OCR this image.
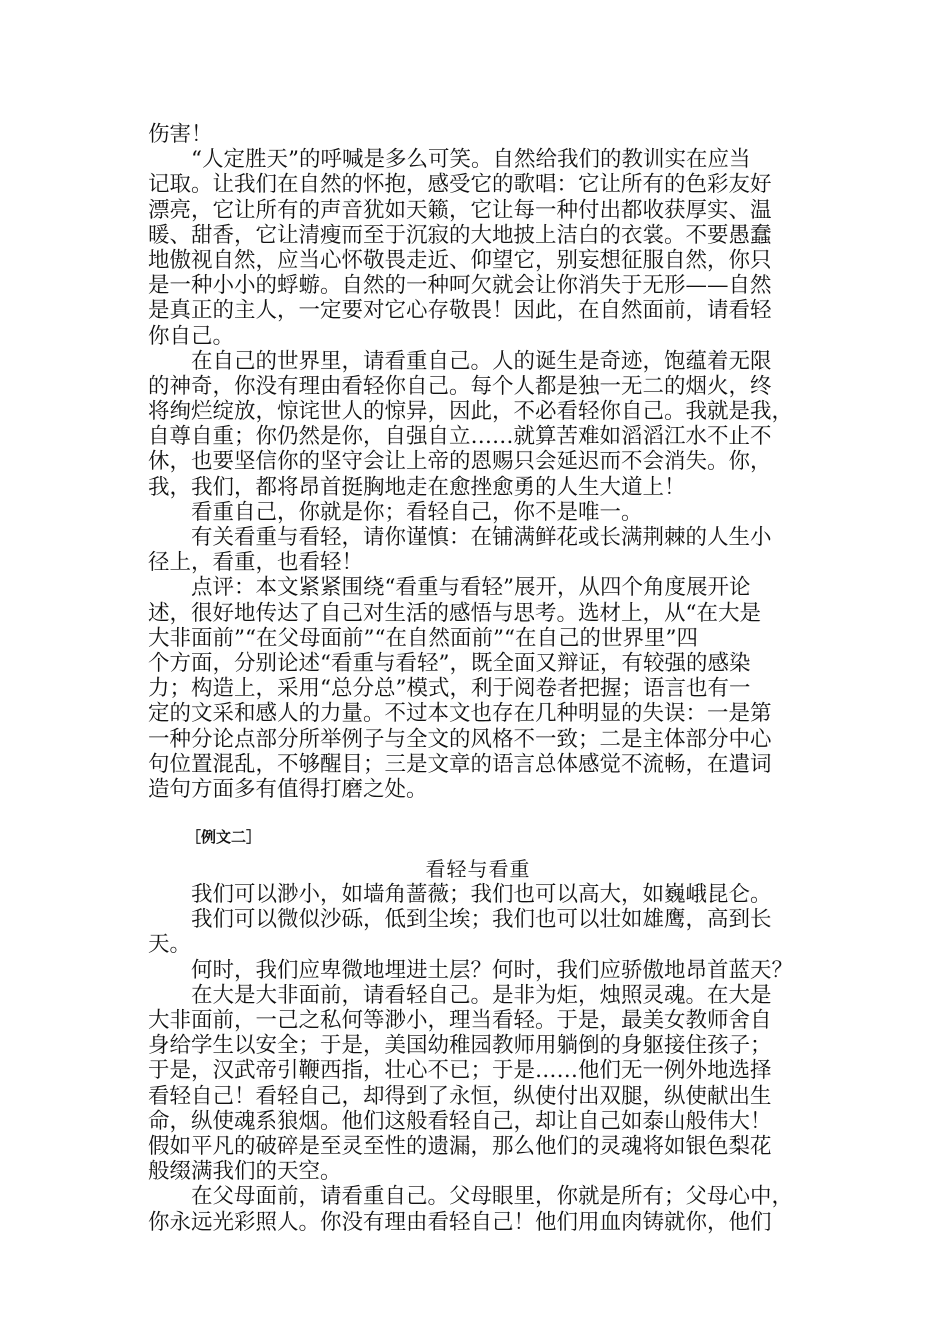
伤害！
“人定胜天”的呼喊是多么可笑。自然给我们的教训实在应当
记取。让我们在自然的怀抱，感受它的歌唱：它让所有的色彩友好
漂亮，它让所有的声音犹如天籁，它让每一种付出都收获厚实、温
暖、甜香，它让清瘦而至于沉寂的大地披上洁白的衣裳。不要愚蠢
地傲视自然，应当心怀敬畏走近、仰望它，别妄想征服自然，你只
是一种小小的蜉蝣。自然的一种呵欠就会让你消失于无形——自然
是真正的主人，一定要对它心存敬畏！因此，在自然面前，请看轻
你自己。
在自己的世界里，请看重自己。人的诞生是奇迹，饱蕴着无限
的神奇，你没有理由看轻你自己。每个人都是独一无二的烟火，终
将绚烂绽放，惊诧世人的惊异，因此，不必看轻你自己。我就是我，
自尊自重；你仍然是你，自强自立……就算苦难如滔滔江水不止不
休，也要坚信你的坚守会让上帝的恩赐只会延迟而不会消失。你，
我，我们，都将昂首挺胸地走在愈挫愈勇的人生大道上！
看重自己，你就是你；看轻自己，你不是唯一。
有关看重与看轻，请你谨慎：在铺满鲜花或长满荆棘的人生小
径上，看重，也看轻！
点评：本文紧紧围绕“看重与看轻”展开，从四个角度展开论
述，很好地传达了自己对生活的感悟与思考。选材上，从“在大是
大非面前”“在父母面前”“在自然面前”“在自己的世界里”四
个方面，分别论述“看重与看轻”，既全面又辩证，有较强的感染
力；构造上，采用“总分总”模式，利于阅卷者把握；语言也有一
定的文采和感人的力量。不过本文也存在几种明显的失误：一是第
一种分论点部分所举例子与全文的风格不一致；二是主体部分中心
句位置混乱，不够醒目；三是文章的语言总体感觉不流畅，在遣词
造句方面多有值得打磨之处。
［例文二］
看轻与看重
我们可以渺小，如墙角蔷薇；我们也可以高大，如巍峨昆仑。
我们可以微似沙砾，低到尘埃；我们也可以壮如雄鹰，高到长
天。
何时，我们应卑微地埋进土层？何时，我们应骄傲地昂首蓝天？
在大是大非面前，请看轻自己。是非为炬，烛照灵魂。在大是
大非面前，一己之私何等渺小，理当看轻。于是，最美女教师舍自
身给学生以安全；于是，美国幼稚园教师用躺倒的身躯接住孩子；
于是，汉武帝引鞭西指，壮心不已；于是……他们无一例外地选择
看轻自己！看轻自己，却得到了永恒，纵使付出双腿，纵使献出生
命，纵使魂系狼烟。他们这般看轻自己，却让自己如泰山般伟大！
假如平凡的破碎是至灵至性的遗漏，那么他们的灵魂将如银色梨花
般缀满我们的天空。
在父母面前，请看重自己。父母眼里，你就是所有；父母心中，
你永远光彩照人。你没有理由看轻自己！他们用血肉铸就你，他们
